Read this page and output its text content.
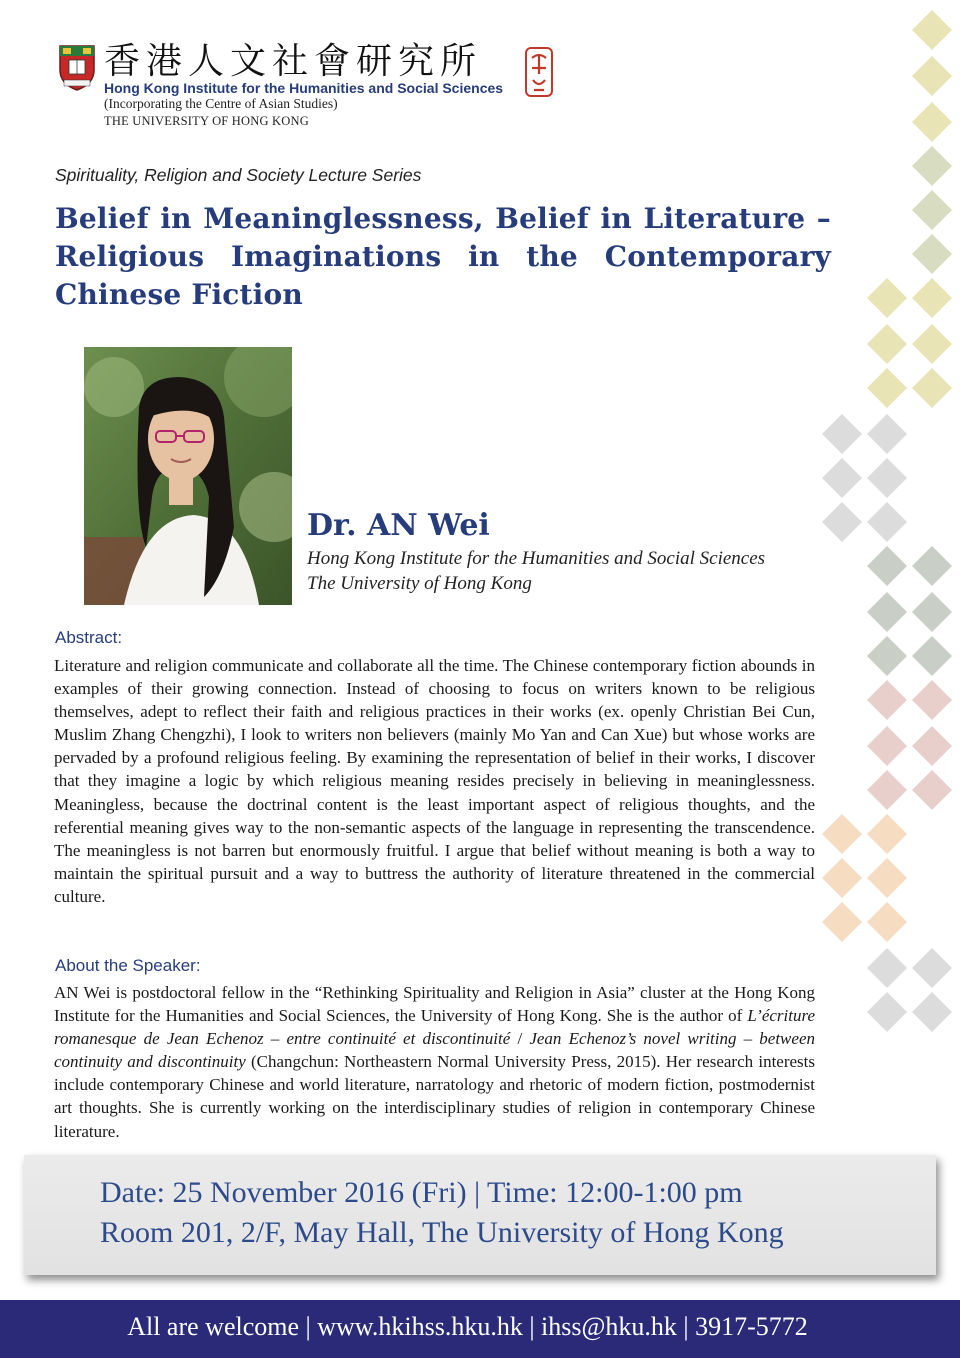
香港人文社會研究所
Hong Kong Institute for the Humanities and Social Sciences
(Incorporating the Centre of Asian Studies)
THE UNIVERSITY OF HONG KONG
Spirituality, Religion and Society Lecture Series
Belief in Meaninglessness, Belief in Literature – Religious Imaginations in the Contemporary Chinese Fiction
Dr. AN Wei
Hong Kong Institute for the Humanities and Social Sciences
The University of Hong Kong
Abstract:
Literature and religion communicate and collaborate all the time. The Chinese contemporary fiction abounds in examples of their growing connection. Instead of choosing to focus on writers known to be religious themselves, adept to reflect their faith and religious practices in their works (ex. openly Christian Bei Cun, Muslim Zhang Chengzhi), I look to writers non believers (mainly Mo Yan and Can Xue) but whose works are pervaded by a profound religious feeling. By examining the representation of belief in their works, I discover that they imagine a logic by which religious meaning resides precisely in believing in meaninglessness. Meaningless, because the doctrinal content is the least important aspect of religious thoughts, and the referential meaning gives way to the non-semantic aspects of the language in representing the transcendence. The meaningless is not barren but enormously fruitful. I argue that belief without meaning is both a way to maintain the spiritual pursuit and a way to buttress the authority of literature threatened in the commercial culture.
About the Speaker:
AN Wei is postdoctoral fellow in the “Rethinking Spirituality and Religion in Asia” cluster at the Hong Kong Institute for the Humanities and Social Sciences, the University of Hong Kong. She is the author of L’écriture romanesque de Jean Echenoz – entre continuité et discontinuité / Jean Echenoz’s novel writing – between continuity and discontinuity (Changchun: Northeastern Normal University Press, 2015). Her research interests include contemporary Chinese and world literature, narratology and rhetoric of modern fiction, postmodernist art thoughts. She is currently working on the interdisciplinary studies of religion in contemporary Chinese literature.
Date: 25 November 2016 (Fri) | Time: 12:00-1:00 pm
Room 201, 2/F, May Hall, The University of Hong Kong
All are welcome | www.hkihss.hku.hk | ihss@hku.hk | 3917-5772
